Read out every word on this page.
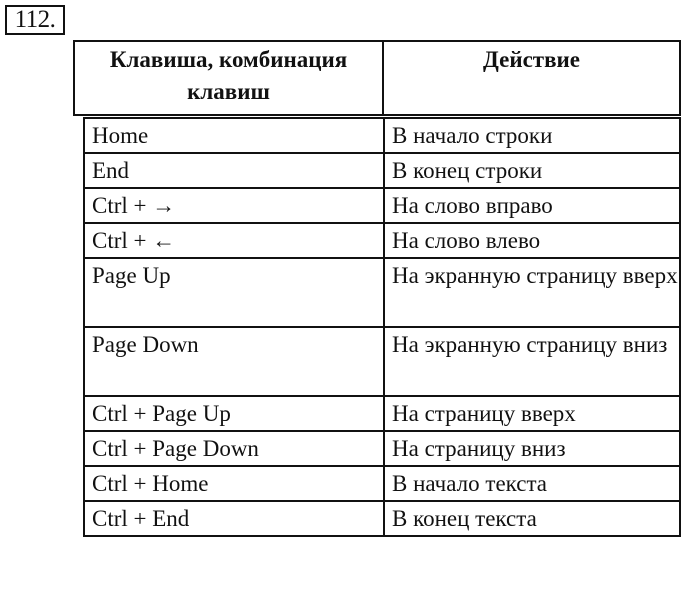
112.
Клавиша, комбинация клавиш	Действие
Home	В начало строки
End	В конец строки
Ctrl + →	На слово вправо
Ctrl + ←	На слово влево
Page Up	На экранную страницу вверх
Page Down	На экранную страницу вниз
Ctrl + Page Up	На страницу вверх
Ctrl + Page Down	На страницу вниз
Ctrl + Home	В начало текста
Ctrl + End	В конец текста
